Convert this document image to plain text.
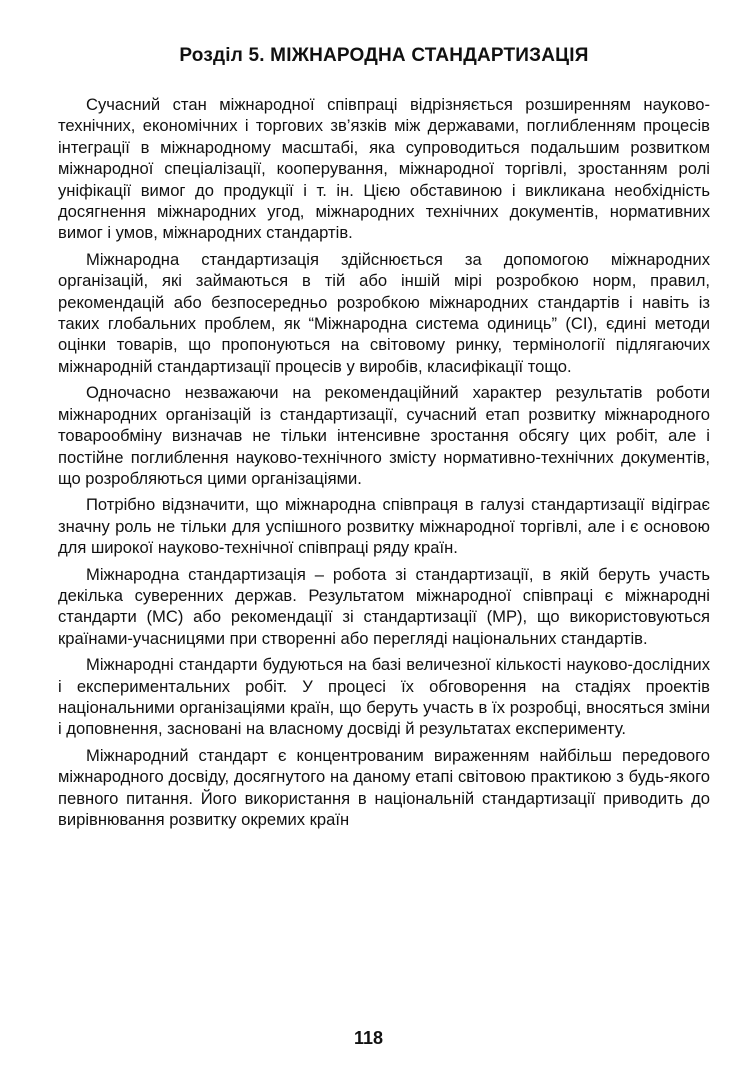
Розділ 5. МІЖНАРОДНА СТАНДАРТИЗАЦІЯ

Сучасний стан міжнародної співпраці відрізняється розширенням науково-технічних, економічних і торгових зв’язків між державами, поглибленням процесів інтеграції в міжнародному масштабі, яка супроводиться подальшим розвитком міжнародної спеціалізації, кооперування, міжнародної торгівлі, зростанням ролі уніфікації вимог до продукції і т. ін. Цією обставиною і викликана необхідність досягнення міжнародних угод, міжнародних технічних документів, нормативних вимог і умов, міжнародних стандартів.

Міжнародна стандартизація здійснюється за допомогою міжнародних організацій, які займаються в тій або іншій мірі розробкою норм, правил, рекомендацій або безпосередньо розробкою міжнародних стандартів і навіть із таких глобальних проблем, як “Міжнародна система одиниць” (СІ), єдині методи оцінки товарів, що пропонуються на світовому ринку, термінології підлягаючих міжнародній стандартизації процесів у виробів, класифікації тощо.

Одночасно незважаючи на рекомендаційний характер результатів роботи міжнародних організацій із стандартизації, сучасний етап розвитку міжнародного товарообміну визначав не тільки інтенсивне зростання обсягу цих робіт, але і постійне поглиблення науково-технічного змісту нормативно-технічних документів, що розробляються цими організаціями.

Потрібно відзначити, що міжнародна співпраця в галузі стандартизації відіграє значну роль не тільки для успішного розвитку міжнародної торгівлі, але і є основою для широкої науково-технічної співпраці ряду країн.

Міжнародна стандартизація – робота зі стандартизації, в якій беруть участь декілька суверенних держав. Результатом міжнародної співпраці є міжнародні стандарти (МС) або рекомендації зі стандартизації (МР), що використовуються країнами-учасницями при створенні або перегляді національних стандартів.

Міжнародні стандарти будуються на базі величезної кількості науково-дослідних і експериментальних робіт. У процесі їх обговорення на стадіях проектів національними організаціями країн, що беруть участь в їх розробці, вносяться зміни і доповнення, засновані на власному досвіді й результатах експерименту.

Міжнародний стандарт є концентрованим вираженням найбільш передового міжнародного досвіду, досягнутого на даному етапі світовою практикою з будь-якого певного питання. Його використання в національній стандартизації приводить до вирівнювання розвитку окремих країн

118
